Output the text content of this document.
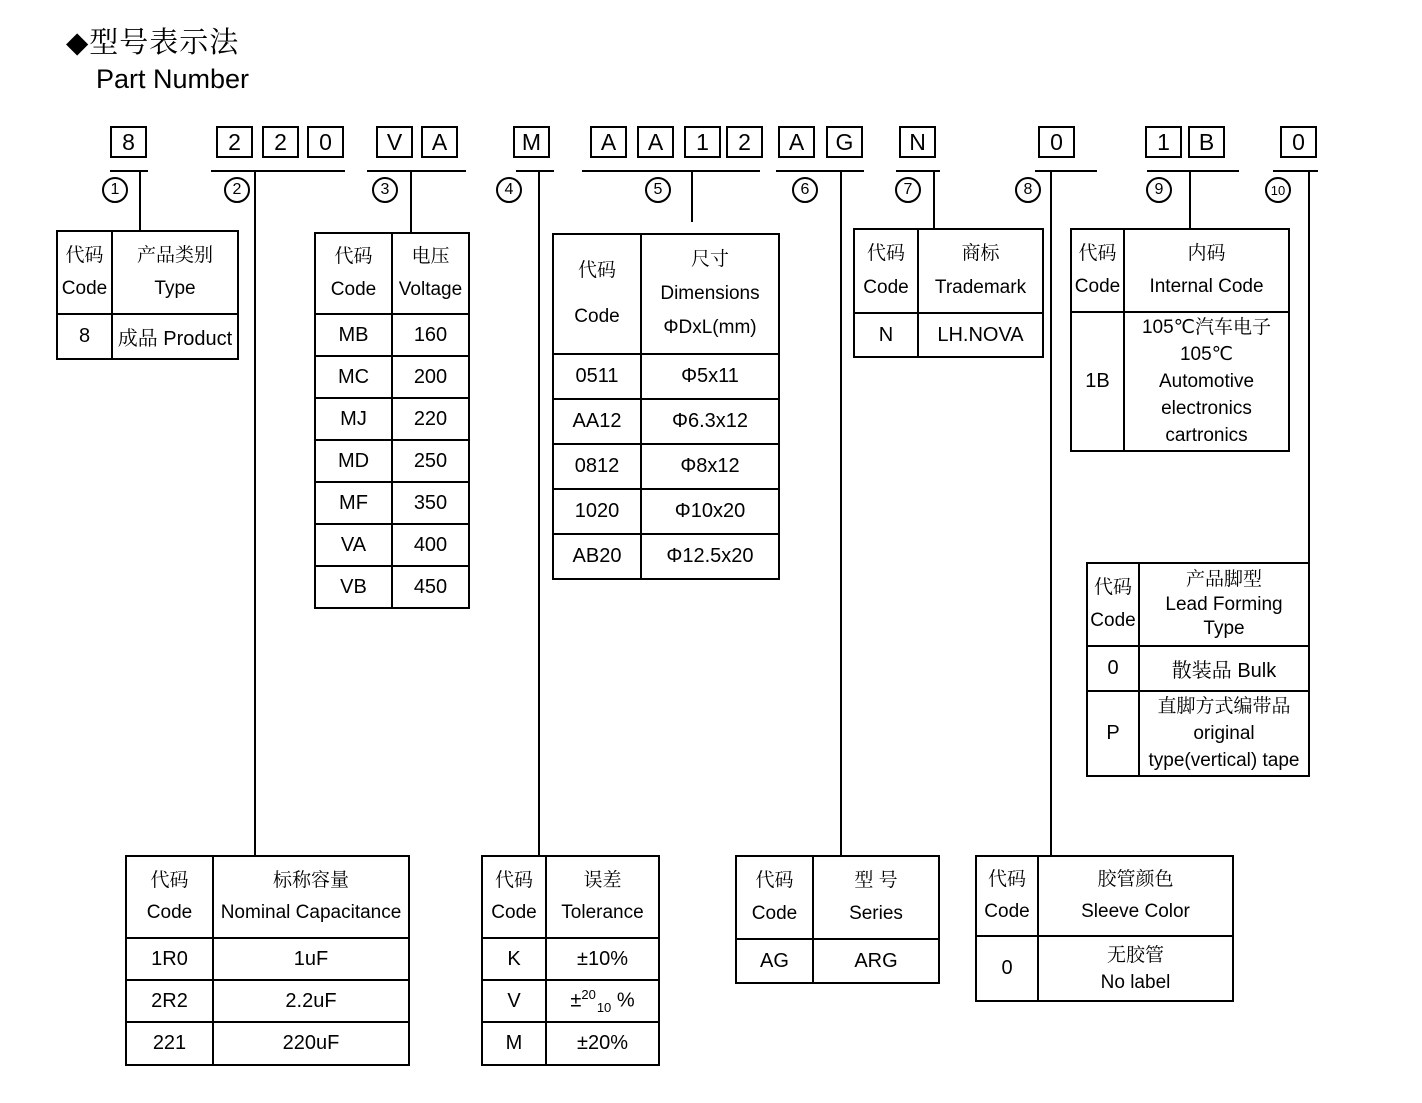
◆型号表示法
Part Number
8
1
2	2	0
2
V	A
3
M
4
A	A	1	2
5
A	G
6
N
7
0
8
1	B
9
0
10
代码
Code

产品类别
Type

8	成品 Product
代码
Code

标称容量
Nominal Capacitance

1R0	1uF
2R2	2.2uF
221	220uF
代码
Code

电压
Voltage

MB	160
MC	200
MJ	220
MD	250
MF	350
VA	400
VB	450
代码
Code

误差
Tolerance

K	±10%
V	±$^{20}_{10}$ %
M	±20%
代码
Code

尺寸
Dimensions
ΦDxL(mm)

0511	Φ5x11
AA12	Φ6.3x12
0812	Φ8x12
1020	Φ10x20
AB20	Φ12.5x20
代码
Code

型 号
Series

AG	ARG
代码
Code

商标
Trademark

N	LH.NOVA
代码
Code

胶管颜色
Sleeve Color

0	无胶管
No label
代码
Code

内码
Internal Code

1B	105℃汽车电子
105℃
Automotive
electronics
cartronics
代码
Code

产品脚型
Lead Forming
Type

0	散装品 Bulk
P	直脚方式编带品
original
type(vertical) tape
